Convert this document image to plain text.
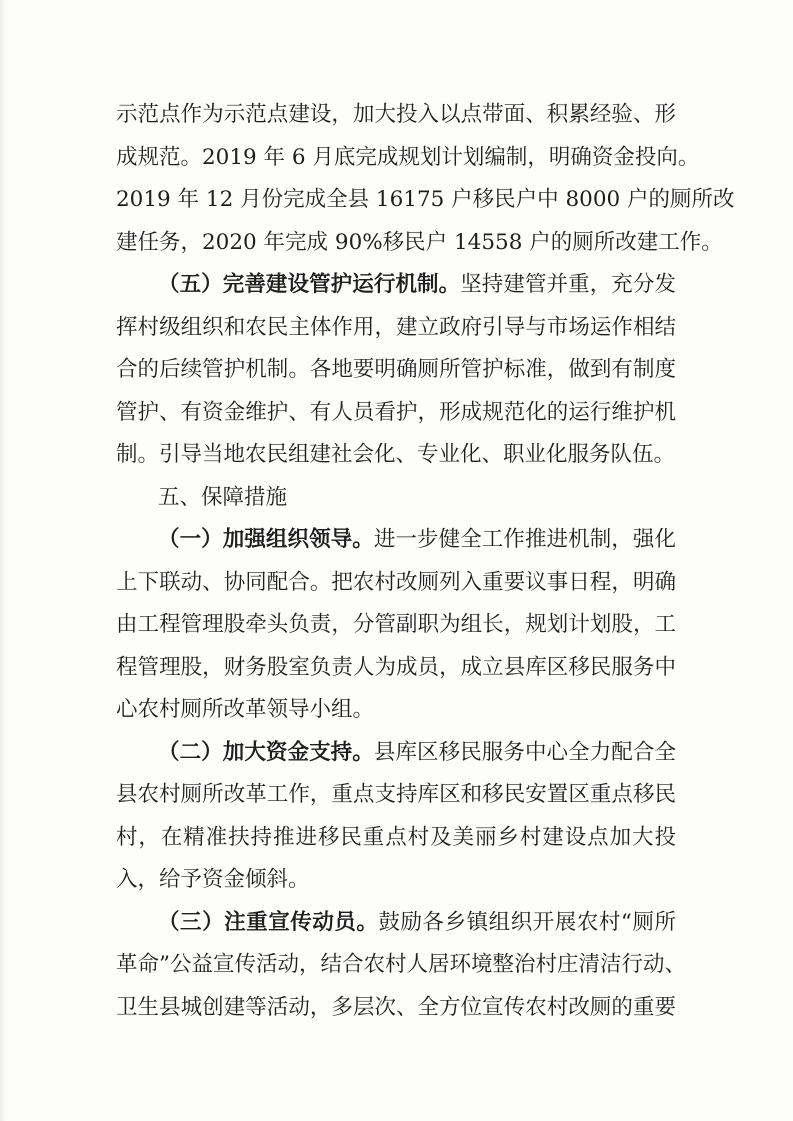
示范点作为示范点建设，加大投入以点带面、积累经验、形
成规范。2019 年 6 月底完成规划计划编制，明确资金投向。
2019 年 12 月份完成全县 16175 户移民户中 8000 户的厕所改
建任务，2020 年完成 90%移民户 14558 户的厕所改建工作。
（五）完善建设管护运行机制。坚持建管并重，充分发
挥村级组织和农民主体作用，建立政府引导与市场运作相结
合的后续管护机制。各地要明确厕所管护标准，做到有制度
管护、有资金维护、有人员看护，形成规范化的运行维护机
制。引导当地农民组建社会化、专业化、职业化服务队伍。
五、保障措施
（一）加强组织领导。进一步健全工作推进机制，强化
上下联动、协同配合。把农村改厕列入重要议事日程，明确
由工程管理股牵头负责，分管副职为组长，规划计划股，工
程管理股，财务股室负责人为成员，成立县库区移民服务中
心农村厕所改革领导小组。
（二）加大资金支持。县库区移民服务中心全力配合全
县农村厕所改革工作，重点支持库区和移民安置区重点移民
村，在精准扶持推进移民重点村及美丽乡村建设点加大投
入，给予资金倾斜。
（三）注重宣传动员。鼓励各乡镇组织开展农村“厕所
革命”公益宣传活动，结合农村人居环境整治村庄清洁行动、
卫生县城创建等活动，多层次、全方位宣传农村改厕的重要
